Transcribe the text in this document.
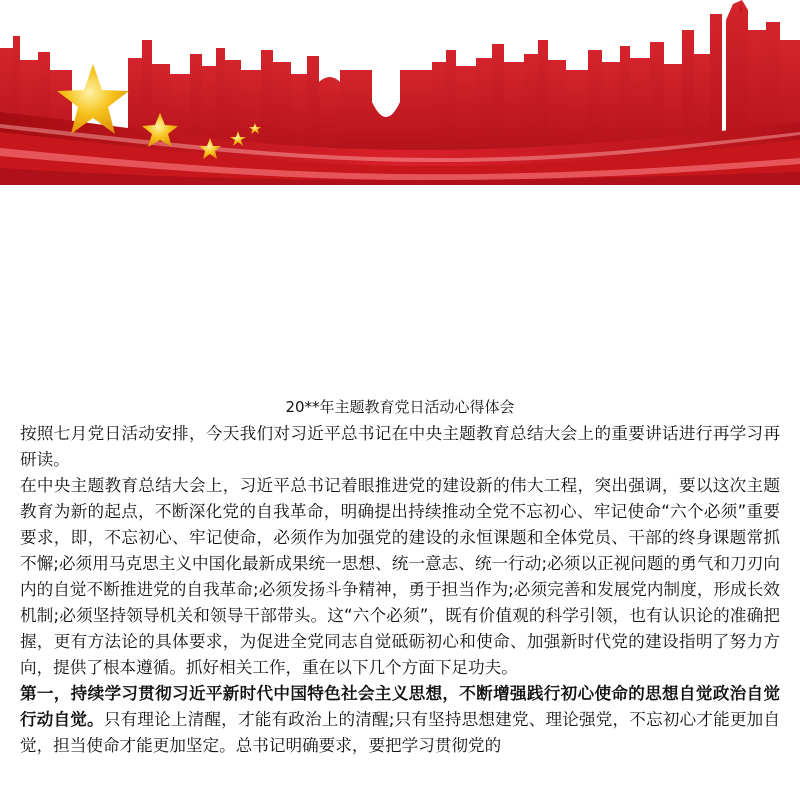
20**年主题教育党日活动心得体会

按照七月党日活动安排，今天我们对习近平总书记在中央主题教育总结大会上的重要讲话进行再学习再研读。

在中央主题教育总结大会上，习近平总书记着眼推进党的建设新的伟大工程，突出强调，要以这次主题教育为新的起点，不断深化党的自我革命，明确提出持续推动全党不忘初心、牢记使命“六个必须”重要要求，即，不忘初心、牢记使命，必须作为加强党的建设的永恒课题和全体党员、干部的终身课题常抓不懈;必须用马克思主义中国化最新成果统一思想、统一意志、统一行动;必须以正视问题的勇气和刀刃向内的自觉不断推进党的自我革命;必须发扬斗争精神，勇于担当作为;必须完善和发展党内制度，形成长效机制;必须坚持领导机关和领导干部带头。这“六个必须”，既有价值观的科学引领，也有认识论的准确把握，更有方法论的具体要求，为促进全党同志自觉砥砺初心和使命、加强新时代党的建设指明了努力方向，提供了根本遵循。抓好相关工作，重在以下几个方面下足功夫。

第一，持续学习贯彻习近平新时代中国特色社会主义思想，不断增强践行初心使命的思想自觉政治自觉行动自觉。只有理论上清醒，才能有政治上的清醒;只有坚持思想建党、理论强党，不忘初心才能更加自觉，担当使命才能更加坚定。总书记明确要求，要把学习贯彻党的
